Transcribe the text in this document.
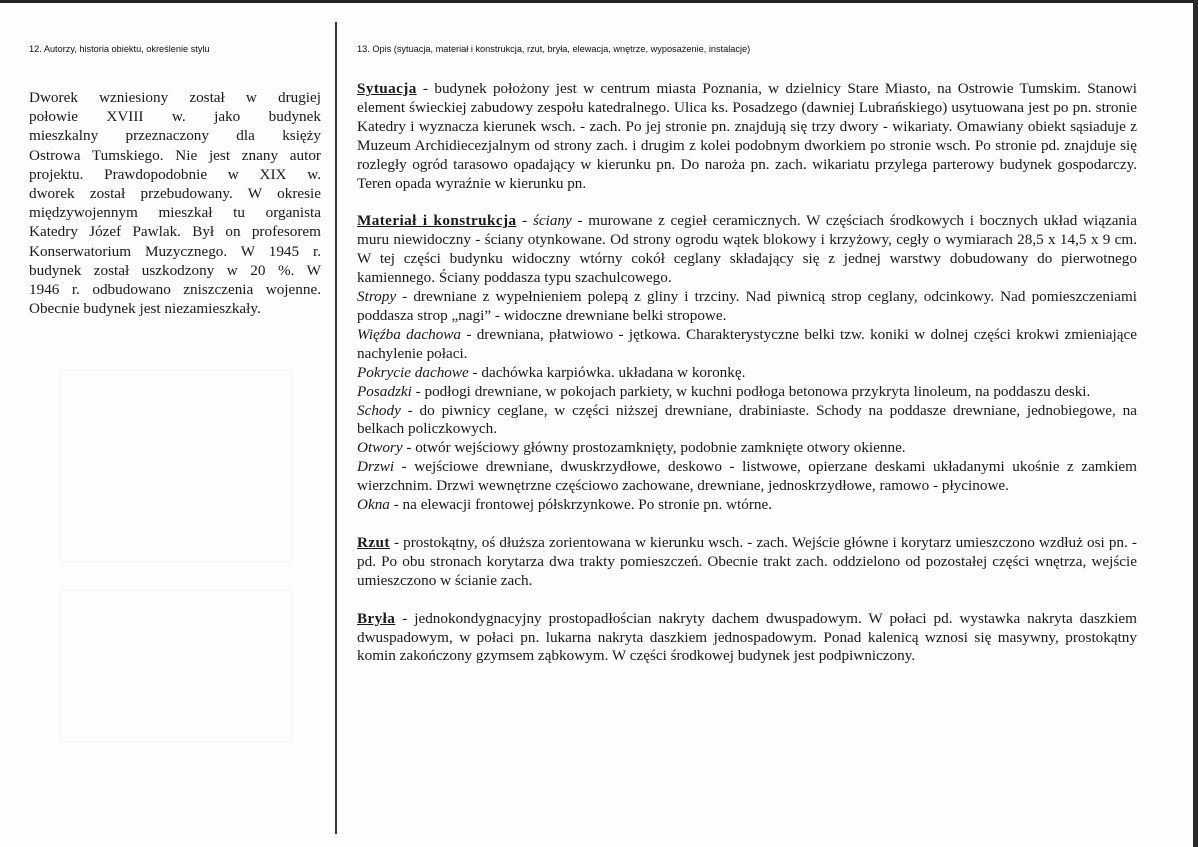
12. Autorzy, historia obiektu, określenie stylu
Dworek wzniesiony został w drugiej
połowie XVIII w. jako budynek
mieszkalny przeznaczony dla księży
Ostrowa Tumskiego. Nie jest znany autor
projektu. Prawdopodobnie w XIX w.
dworek został przebudowany. W okresie
międzywojennym mieszkał tu organista
Katedry Józef Pawlak. Był on profesorem
Konserwatorium Muzycznego. W 1945 r.
budynek został uszkodzony w 20 %. W
1946 r. odbudowano zniszczenia wojenne.
Obecnie budynek jest niezamieszkały.
13. Opis (sytuacja, materiał i konstrukcja, rzut, bryła, elewacja, wnętrze, wyposażenie, instalacje)

Sytuacja - budynek położony jest w centrum miasta Poznania, w dzielnicy Stare Miasto, na Ostrowie Tumskim. Stanowi element świeckiej zabudowy zespołu katedralnego. Ulica ks. Posadzego (dawniej Lubrańskiego) usytuowana jest po pn. stronie Katedry i wyznacza kierunek wsch. - zach. Po jej stronie pn. znajdują się trzy dwory - wikariaty. Omawiany obiekt sąsiaduje z Muzeum Archidiecezjalnym od strony zach. i drugim z kolei podobnym dworkiem po stronie wsch. Po stronie pd. znajduje się rozległy ogród tarasowo opadający w kierunku pn. Do naroża pn. zach. wikariatu przylega parterowy budynek gospodarczy. Teren opada wyraźnie w kierunku pn.

Materiał i konstrukcja - ściany - murowane z cegieł ceramicznych. W częściach środkowych i bocznych układ wiązania muru niewidoczny - ściany otynkowane. Od strony ogrodu wątek blokowy i krzyżowy, cegły o wymiarach 28,5 x 14,5 x 9 cm. W tej części budynku widoczny wtórny cokół ceglany składający się z jednej warstwy dobudowany do pierwotnego kamiennego. Ściany poddasza typu szachulcowego.

Stropy - drewniane z wypełnieniem polepą z gliny i trzciny. Nad piwnicą strop ceglany, odcinkowy. Nad pomieszczeniami poddasza strop „nagi” - widoczne drewniane belki stropowe.

Więźba dachowa - drewniana, płatwiowo - jętkowa. Charakterystyczne belki tzw. koniki w dolnej części krokwi zmieniające nachylenie połaci.

Pokrycie dachowe - dachówka karpiówka. układana w koronkę.

Posadzki - podłogi drewniane, w pokojach parkiety, w kuchni podłoga betonowa przykryta linoleum, na poddaszu deski.

Schody - do piwnicy ceglane, w części niższej drewniane, drabiniaste. Schody na poddasze drewniane, jednobiegowe, na belkach policzkowych.

Otwory - otwór wejściowy główny prostozamknięty, podobnie zamknięte otwory okienne.

Drzwi - wejściowe drewniane, dwuskrzydłowe, deskowo - listwowe, opierzane deskami układanymi ukośnie z zamkiem wierzchnim. Drzwi wewnętrzne częściowo zachowane, drewniane, jednoskrzydłowe, ramowo - płycinowe.

Okna - na elewacji frontowej półskrzynkowe. Po stronie pn. wtórne.

Rzut - prostokątny, oś dłuższa zorientowana w kierunku wsch. - zach. Wejście główne i korytarz umieszczono wzdłuż osi pn. - pd. Po obu stronach korytarza dwa trakty pomieszczeń. Obecnie trakt zach. oddzielono od pozostałej części wnętrza, wejście umieszczono w ścianie zach.

Bryła - jednokondygnacyjny prostopadłościan nakryty dachem dwuspadowym. W połaci pd. wystawka nakryta daszkiem dwuspadowym, w połaci pn. lukarna nakryta daszkiem jednospadowym. Ponad kalenicą wznosi się masywny, prostokątny komin zakończony gzymsem ząbkowym. W części środkowej budynek jest podpiwniczony.
